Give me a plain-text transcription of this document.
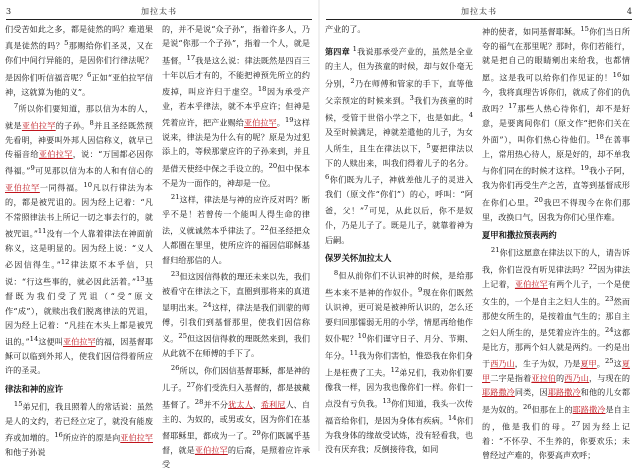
3	加拉太书

们受苦如此之多，都是徒然的吗？难道果真是徒然的吗？$^5$那赐给你们圣灵，又在你们中间行异能的，是因你们行律法呢？是因你们听信福音呢？$^6$正如“亚伯拉罕信神，这就算为他的义”。

$^7$所以你们要知道，那以信为本的人，就是亚伯拉罕的子孙。$^8$并且圣经既然预先看明，神要叫外邦人因信称义，就早已传福音给亚伯拉罕，说：“万国都必因你得福。”$^9$可见那以信为本的人和有信心的亚伯拉罕一同得福。$^{10}$凡以行律法为本的，都是被咒诅的。因为经上记着：“凡不常照律法书上所记一切之事去行的，就被咒诅。”$^{11}$没有一个人靠着律法在神面前称义，这是明显的。因为经上说：“义人必因信得生。”$^{12}$律法原不本乎信，只说：“行这些事的，就必因此活着。”$^{13}$基督既为我们受了咒诅（“受”原文作“成”），就赎出我们脱离律法的咒诅，因为经上记着：“凡挂在木头上都是被咒诅的。”$^{14}$这便叫亚伯拉罕的福，因基督耶稣可以临到外邦人，使我们因信得着所应许的圣灵。

律法和神的应许

$^{15}$弟兄们，我且照着人的常话说：虽然是人的文约，若已经立定了，就没有能废弃或加增的。$^{16}$所应许的原是向亚伯拉罕和他子孙说

的，并不是说“众子孙”，指着许多人，乃是说“你那一个子孙”，指着一个人，就是基督。$^{17}$我是这么说：律法既然是四百三十年以后才有的，不能把神预先所立的约废掉，叫应许归于虚空。$^{18}$因为承受产业，若本乎律法，就不本乎应许；但神是凭着应许，把产业赐给亚伯拉罕。$^{19}$这样说来，律法是为什么有的呢？原是为过犯添上的，等候那蒙应许的子孙来到，并且是借天使经中保之手设立的。$^{20}$但中保本不是为一面作的，神却是一位。

$^{21}$这样，律法是与神的应许反对吗？断乎不是！若曾传一个能叫人得生命的律法，义就诚然本乎律法了。$^{22}$但圣经把众人都圈在罪里，使所应许的福因信耶稣基督归给那信的人。

$^{23}$但这因信得救的理还未来以先，我们被看守在律法之下，直圈到那将来的真道显明出来。$^{24}$这样，律法是我们训蒙的师傅，引我们到基督那里，使我们因信称义。$^{25}$但这因信得救的理既然来到，我们从此就不在师傅的手下了。

$^{26}$所以，你们因信基督耶稣，都是神的儿子。$^{27}$你们受洗归入基督的，都是披戴基督了。$^{28}$并不分犹太人、希利尼人、自主的、为奴的，或男或女，因为你们在基督耶稣里，都成为一了。$^{29}$你们既属乎基督，就是亚伯拉罕的后裔，是照着应许承受

加拉太书	4

产业的了。

第四章 $^1$我说那承受产业的，虽然是全业的主人，但为孩童的时候，却与奴仆毫无分别，$^2$乃在师傅和管家的手下，直等他父亲预定的时候来到。$^3$我们为孩童的时候，受管于世俗小学之下，也是如此。$^4$及至时候满足，神就差遣他的儿子，为女人所生，且生在律法以下，$^5$要把律法以下的人赎出来，叫我们得着儿子的名分。$^6$你们既为儿子，神就差他儿子的灵进入我们（原文作“你们”）的心，呼叫：“阿爸，父！”$^7$可见，从此以后，你不是奴仆，乃是儿子了。既是儿子，就靠着神为后嗣。

保罗关怀加拉太人

$^8$但从前你们不认识神的时候，是给那些本来不是神的作奴仆。$^9$现在你们既然认识神，更可说是被神所认识的，怎么还要归回那懦弱无用的小学，情愿再给他作奴仆呢？$^{10}$你们谨守日子、月分、节期、年分。$^{11}$我为你们害怕，惟恐我在你们身上是枉费了工夫。$^{12}$弟兄们，我劝你们要像我一样，因为我也像你们一样。你们一点没有亏负我。$^{13}$你们知道，我头一次传福音给你们，是因为身体有疾病。$^{14}$你们为我身体的缘故受试炼，没有轻看我，也没有厌弃我；反倒接待我，如同

神的使者，如同基督耶稣。$^{15}$你们当日所夸的福气在那里呢？那时，你们若能行，就是把自己的眼睛剜出来给我，也都情愿。这是我可以给你们作见证的！$^{16}$如今，我将真理告诉你们，就成了你们的仇敌吗？$^{17}$那些人热心待你们，却不是好意，是要离间你们（原文作“把你们关在外面”），叫你们热心待他们。$^{18}$在善事上，常用热心待人，原是好的，却不单我与你们同在的时候才这样。$^{19}$我小子阿，我为你们再受生产之苦，直等到基督成形在你们心里。$^{20}$我巴不得现今在你们那里，改换口气，因我为你们心里作难。

夏甲和撒拉预表两约

$^{21}$你们这愿意在律法以下的人，请告诉我，你们岂没有听见律法吗？$^{22}$因为律法上记着，亚伯拉罕有两个儿子，一个是使女生的，一个是自主之妇人生的。$^{23}$然而那使女所生的，是按着血气生的；那自主之妇人所生的，是凭着应许生的。$^{24}$这都是比方，那两个妇人就是两约。一约是出于西乃山，生子为奴，乃是夏甲。$^{25}$这夏甲二字是指着亚拉伯的西乃山，与现在的耶路撒冷同类，因耶路撒冷和他的儿女都是为奴的。$^{26}$但那在上的耶路撒冷是自主的，他是我们的母。$^{27}$因为经上记着：“不怀孕、不生养的，你要欢乐；未曾经过产难的，你要高声欢呼；
